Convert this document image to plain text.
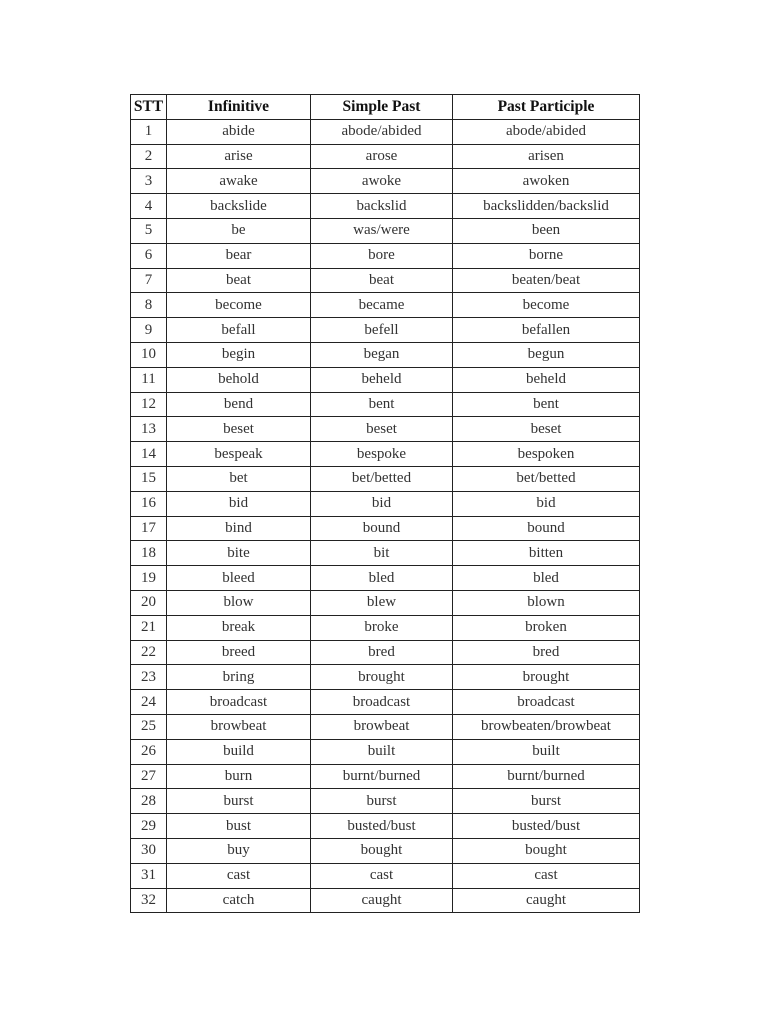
STT	Infinitive	Simple Past	Past Participle
1	abide	abode/abided	abode/abided
2	arise	arose	arisen
3	awake	awoke	awoken
4	backslide	backslid	backslidden/backslid
5	be	was/were	been
6	bear	bore	borne
7	beat	beat	beaten/beat
8	become	became	become
9	befall	befell	befallen
10	begin	began	begun
11	behold	beheld	beheld
12	bend	bent	bent
13	beset	beset	beset
14	bespeak	bespoke	bespoken
15	bet	bet/betted	bet/betted
16	bid	bid	bid
17	bind	bound	bound
18	bite	bit	bitten
19	bleed	bled	bled
20	blow	blew	blown
21	break	broke	broken
22	breed	bred	bred
23	bring	brought	brought
24	broadcast	broadcast	broadcast
25	browbeat	browbeat	browbeaten/browbeat
26	build	built	built
27	burn	burnt/burned	burnt/burned
28	burst	burst	burst
29	bust	busted/bust	busted/bust
30	buy	bought	bought
31	cast	cast	cast
32	catch	caught	caught
